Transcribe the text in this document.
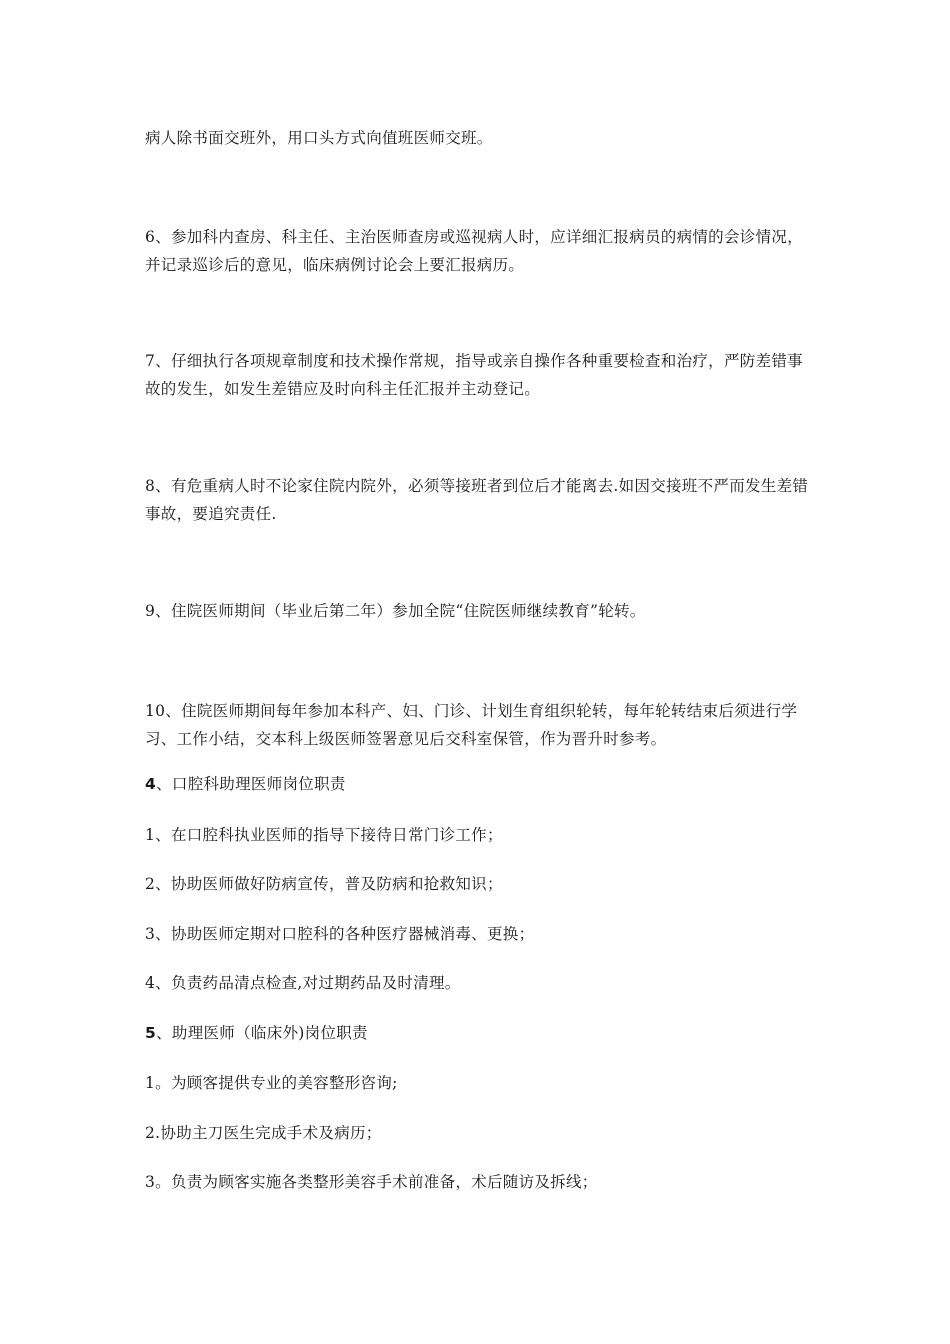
病人除书面交班外，用口头方式向值班医师交班。

6、参加科内查房、科主任、主治医师查房或巡视病人时，应详细汇报病员的病情的会诊情况，并记录巡诊后的意见，临床病例讨论会上要汇报病历。

7、仔细执行各项规章制度和技术操作常规，指导或亲自操作各种重要检查和治疗，严防差错事故的发生，如发生差错应及时向科主任汇报并主动登记。

8、有危重病人时不论家住院内院外，必须等接班者到位后才能离去.如因交接班不严而发生差错事故，要追究责任.

9、住院医师期间（毕业后第二年）参加全院“住院医师继续教育”轮转。

10、住院医师期间每年参加本科产、妇、门诊、计划生育组织轮转，每年轮转结束后须进行学习、工作小结，交本科上级医师签署意见后交科室保管，作为晋升时参考。

4、口腔科助理医师岗位职责

1、在口腔科执业医师的指导下接待日常门诊工作；

2、协助医师做好防病宣传，普及防病和抢救知识；

3、协助医师定期对口腔科的各种医疗器械消毒、更换；

4、负责药品清点检查,对过期药品及时清理。

5、助理医师（临床外)岗位职责

1。为顾客提供专业的美容整形咨询;

2.协助主刀医生完成手术及病历；

3。负责为顾客实施各类整形美容手术前准备，术后随访及拆线；
